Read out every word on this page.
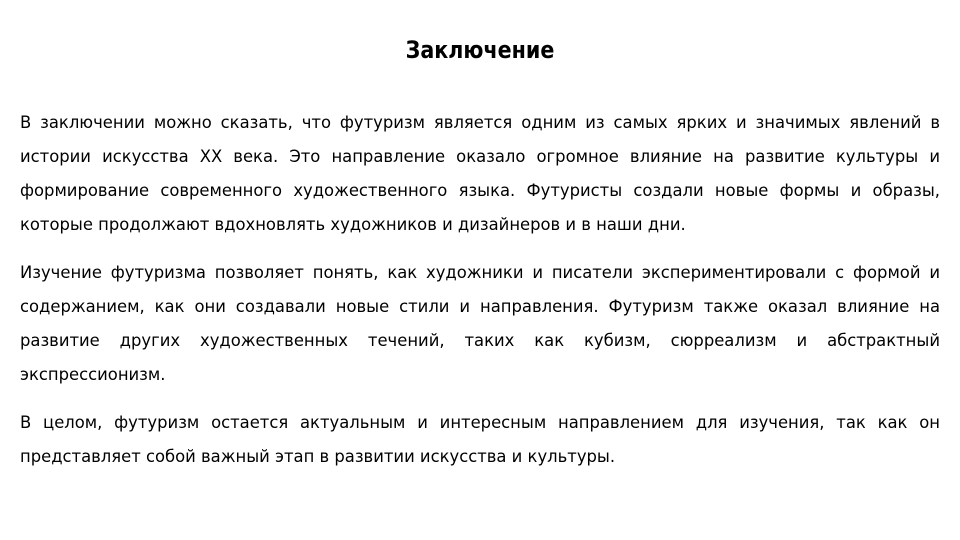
Заключение

В заключении можно сказать, что футуризм является одним из самых ярких и значимых явлений в истории искусства XX века. Это направление оказало огромное влияние на развитие культуры и формирование современного художественного языка. Футуристы создали новые формы и образы, которые продолжают вдохновлять художников и дизайнеров и в наши дни.

Изучение футуризма позволяет понять, как художники и писатели экспериментировали с формой и содержанием, как они создавали новые стили и направления. Футуризм также оказал влияние на развитие других художественных течений, таких как кубизм, сюрреализм и абстрактный экспрессионизм.

В целом, футуризм остается актуальным и интересным направлением для изучения, так как он представляет собой важный этап в развитии искусства и культуры.
